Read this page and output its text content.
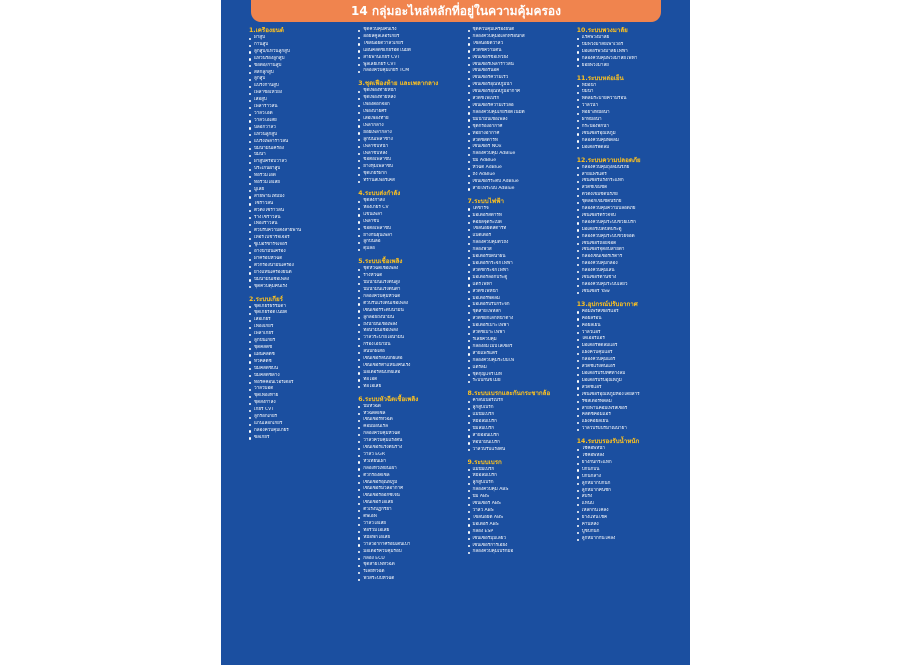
14 กลุ่มอะไหล่หลักที่อยู่ในความคุ้มครอง
1.เครื่องยนต์
ฝาสูบ
ก้านสูบ
ลูกสูบ/แหวนลูกสูบ
แหวนรองลูกสูบ
ข้อต่อ/ก้านสูบ
สลักลูกสูบ
ลูกสูบ
แบริ่งก้านสูบ
เพลาข้อเหวี่ยง
เสื้อสูบ
เพลาราวลิ้น
วาล์วไอดี
วาล์วไอเสีย
ปลอกวาล์ว
แหวนลูกสูบ
แบริ่งเพลาราวลิ้น
ปั๊มน้ำมันเครื่อง
ปั๊มน้ำ
ฝาสูบครอบวาล์ว
ประเก็นฝาสูบ
ท่อร่วมไอดี
ท่อร่วมไอเสีย
มู่เล่ย์
สายพานไทม์มิ่ง
โซ่ราวลิ้น
ตัวตั้งโซ่ราวลิ้น
รางโซ่ราวลิ้น
เฟืองราวลิ้น
ตัวปรับความตึงสายพาน
เทอร์โบชาร์จเจอร์
ซูเปอร์ชาร์จเจอร์
อ่างน้ำมันเครื่อง
ฝาครอบหัวฉีด
ตัวกรองน้ำมันเครื่อง
ยางแท่นเครื่องยนต์
ปั๊มน้ำมันเชื้อเพลิง
ชุดควบคุมคันเร่ง
2.ระบบเกียร์
ชุดเกียร์ธรรมดา
ชุดเกียร์อัตโนมัติ
เสื้อเกียร์
เฟืองเกียร์
เพลาเกียร์
ลูกปืนเกียร์
ชุดคลัตช์
แผ่นคลัตช์
หวีคลัตช์
ปั๊มคลัตช์บน
ปั๊มคลัตช์ล่าง
ทอร์คคอนเวอร์เตอร์
วาล์วบอดี้
ชุดเฟืองท้าย
ชุดส่งกำลัง
เกียร์ CVT
ลูกรอกเกียร์
แกนเลือกเกียร์
กล่องควบคุมเกียร์
ซีลเกียร์
ชุดควบคุมคันเร่ง
ออยล์คูลเลอร์เกียร์
โซลินอยด์วาล์วเกียร์
แผ่นคลัตช์เกียร์อัตโนมัติ
สายพานเกียร์ CVT
พูลเลย์เกียร์ CVT
กล่องควบคุมเกียร์ TCM
3.ชุดเฟืองท้าย และเพลากลาง
ชุดเฟืองท้ายหน้า
ชุดเฟืองท้ายหลัง
เฟืองดอกจอก
เฟืองบายศรี
เสื้อเฟืองท้าย
เพลากลาง
ยอยเพลากลาง
ลูกปืนเพลาข้าง
เพลาขับหน้า
เพลาขับหลัง
ข้อต่อเพลาขับ
ยางหุ้มเพลาขับ
ชุดเกียร์ฝาก
ทรานสเฟอร์เคส
4.ระบบส่งกำลัง
ชุดส่งกำลัง
ห้องเกียร์ CV
แขนเพลา
เพลาขับ
ข้อต่อเพลาขับ
ยางกันฝุ่นเพลา
ลูกปืนล้อ
ดุมล้อ
5.ระบบเชื้อเพลิง
ชุดหัวฉีดเชื้อเพลิง
รางหัวฉีด
ปั๊มน้ำมันแรงดันสูง
ปั๊มน้ำมันแรงดันต่ำ
กล่องควบคุมหัวฉีด
ตัวปรับแรงดันเชื้อเพลิง
เซ็นเซอร์ระดับน้ำมัน
ลูกลอยถังน้ำมัน
ถังน้ำมันเชื้อเพลิง
ท่อน้ำมันเชื้อเพลิง
วาล์วระบายไอน้ำมัน
กรองไอน้ำมัน
ลิ้นปีกผีเสื้อ
เซ็นเซอร์ลิ้นปีกผีเสื้อ
เซ็นเซอร์ตำแหน่งคันเร่ง
มอเตอร์ลิ้นปีกผีเสื้อ
ท่อไอดี
ท่อไอเสีย
6.ระบบหัวฉีดเชื้อเพลิง
ปั๊มหัวฉีด
หัวฉีดดีเซล
เซ็นเซอร์หัวฉีด
คอมมอนเรล
กล่องควบคุมหัวฉีด
วาล์วควบคุมแรงดัน
เซ็นเซอร์แรงดันราง
วาล์ว EGR
หัวเทียนเผา
กล่องหัวเทียนเผา
ตัวกรองดีเซล
เซ็นเซอร์อุณหภูมิ
เซ็นเซอร์มวลอากาศ
เซ็นเซอร์ออกซิเจน
เซ็นเซอร์ไอเสีย
ตัวเร่งปฏิกิริยา
ดีพีเอฟ
วาล์วไอเสีย
ท่อร่วมไอเสีย
หม้อพักไอเสีย
วาล์วอากาศรอบเดินเบา
มอเตอร์ควบคุมรอบ
กล่อง ECU
ชุดสายไฟหัวฉีด
รีเลย์หัวฉีด
ฟิวส์ระบบหัวฉีด
ชุดควบคุมเครื่องยนต์
กล่องควบคุมอิเล็กทรอนิกส์
โซลินอยด์วาล์ว
สวิตช์ความดัน
เซ็นเซอร์ข้อเหวี่ยง
เซ็นเซอร์เพลาราวลิ้น
เซ็นเซอร์น็อค
เซ็นเซอร์ความเร็ว
เซ็นเซอร์อุณหภูมิน้ำ
เซ็นเซอร์อุณหภูมิอากาศ
สวิตช์ไฟเบรก
เซ็นเซอร์ความเร็วล้อ
กล่องควบคุมเกียร์อัตโนมัติ
ปั๊มน้ำมันเชื้อเพลิง
ชุดกรองอากาศ
ท่อยางอากาศ
สวิตช์สตาร์ท
เซ็นเซอร์ NOx
กล่องควบคุม AdBlue
ปั๊ม AdBlue
หัวฉีด AdBlue
ถัง AdBlue
เซ็นเซอร์ระดับ AdBlue
สายไฟระบบ AdBlue
7.ระบบไฟฟ้า
ไดชาร์จ
มอเตอร์สตาร์ท
คอยล์จุดระเบิด
โซลินอยด์สตาร์ท
แบตเตอรี่
กล่องควบคุมตัวถัง
กล่องฟิวส์
มอเตอร์ปัดน้ำฝน
มอเตอร์กระจกไฟฟ้า
สวิตช์กระจกไฟฟ้า
มอเตอร์ล็อกประตู
แตรไฟฟ้า
สวิตช์ไฟหน้า
มอเตอร์พัดลม
มอเตอร์ปรับกระจก
ชุดสายไฟหลัก
สวิตช์ยกเลิกหน้าต่าง
มอเตอร์เบาะไฟฟ้า
สวิตช์เบาะไฟฟ้า
รีเลย์ควบคุม
กล่องอิมโมบิไลเซอร์
สายแพรแตร
กล่องควบคุมระบบไฟ
แตรลม
ชุดกุญแจรีโมท
ระบบกันขโมย
8.ระบบเบรกและกันกระชากล้อ
คาลิปเปอร์เบรก
ลูกสูบเบรก
แม่ปั๊มเบรก
หม้อลมเบรก
ปั๊มลมเบรก
สายอ่อนเบรก
ท่อน้ำมันเบรก
วาล์วปรับแรงดัน
9.ระบบเบรก
แม่ปั๊มเบรก
หม้อลมเบรก
ลูกสูบเบรก
กล่องควบคุม ABS
ปั๊ม ABS
เซ็นเซอร์ ABS
วาล์ว ABS
โซลินอยด์ ABS
มอเตอร์ ABS
กล่อง ESP
เซ็นเซอร์มุมเลี้ยว
เซ็นเซอร์การเอียง
กล่องควบคุมเบรกมือ
10.ระบบพวงมาลัย
แร็คพวงมาลัย
ปั๊มพวงมาลัยเพาเวอร์
มอเตอร์พวงมาลัยไฟฟ้า
กล่องควบคุมพวงมาลัยไฟฟ้า
ยอยพวงมาลัย
11.ระบบหล่อเย็น
หม้อน้ำ
ปั๊มน้ำ
พัดลมระบายความร้อน
วาล์วน้ำ
ท่อยางหม้อน้ำ
ฝาหม้อน้ำ
กระป๋องพักน้ำ
เซ็นเซอร์อุณหภูมิ
กล่องควบคุมพัดลม
มอเตอร์พัดลม
12.ระบบความปลอดภัย
กล่องควบคุมถุงลมนิรภัย
สายแพรแตร
เซ็นเซอร์แรงกระแทก
สวิตช์เข็มขัด
ตัวดึงเข็มขัดนิรภัย
ชุดล็อกเข็มขัดนิรภัย
กล่องควบคุมความปลอดภัย
เซ็นเซอร์ตรวจจับ
กล่องควบคุมระบบช่วยเบรก
มอเตอร์เปิดปิดประตู
กล่องควบคุมระบบช่วยจอด
เซ็นเซอร์ถอยจอด
เซ็นเซอร์จุดอับสายตา
กล่องเซ็นเซอร์เรดาร์
กล่องควบคุมกล้อง
กล่องควบคุมเลน
เซ็นเซอร์ด้านข้าง
กล่องควบคุมระบบเลี้ยว
เซ็นเซอร์ Yaw
13.อุปกรณ์ปรับอากาศ
คอมเพรสเซอร์แอร์
คอยล์ร้อน
คอยล์เย็น
วาล์วแอร์
ไดเออร์แอร์
มอเตอร์พัดลมแอร์
แผงควบคุมแอร์
กล่องควบคุมแอร์
สวิตช์แรงดันแอร์
มอเตอร์ปรับทิศทางลม
มอเตอร์ปรับอุณหภูมิ
สวิตช์แอร์
เซ็นเซอร์อุณหภูมิห้องโดยสาร
รีซิสเตอร์พัดลม
สายพานคอมเพรสเซอร์
คลัตช์คอมแอร์
แผงคอยล์เย็น
วาล์วปรับปริมาณน้ำยา
14.ระบบรองรับน้ำหนัก
โช้คอัพหน้า
โช้คอัพหลัง
ยางกันกระแทก
ปีกนกบน
ปีกนกล่าง
ลูกหมากปีกนก
ลูกหมากคันชัก
สปริง
แหนบ
เหล็กกันโคลง
ยางแท่นโช้ค
คานหลัง
บูชปีกนก
ลูกหมากกันโคลง
